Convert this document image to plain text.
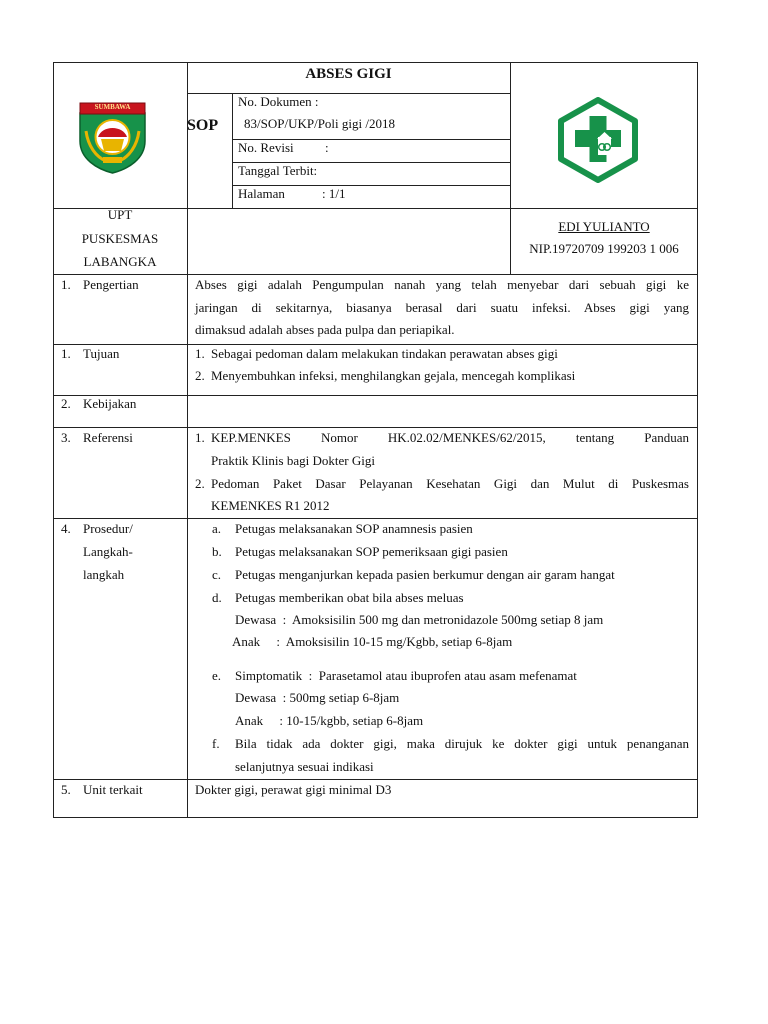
SUMBAWA
ABSES GIGI
SOP
No. Dokumen :
83/SOP/UKP/Poli gigi /2018
No. Revisi :
Tanggal Terbit:
Halaman	: 1/1
UPT
PUSKESMAS
LABANGKA
EDI YULIANTO
NIP.19720709 199203 1 006
1. Pengertian	Abses gigi adalah Pengumpulan nanah yang telah menyebar dari sebuah gigi ke
jaringan di sekitarnya, biasanya berasal dari suatu infeksi. Abses gigi yang
dimaksud adalah abses pada pulpa dan periapikal.
1. Tujuan	1. Sebagai pedoman dalam melakukan tindakan perawatan abses gigi
2. Menyembuhkan infeksi, menghilangkan gejala, mencegah komplikasi
2. Kebijakan
3. Referensi	1. KEP.MENKES Nomor HK.02.02/MENKES/62/2015, tentang Panduan
Praktik Klinis bagi Dokter Gigi
2. Pedoman Paket Dasar Pelayanan Kesehatan Gigi dan Mulut di Puskesmas
KEMENKES R1 2012
4. Prosedur/
Langkah-
langkah
a. Petugas melaksanakan SOP anamnesis pasien
b. Petugas melaksanakan SOP pemeriksaan gigi pasien
c. Petugas menganjurkan kepada pasien berkumur dengan air garam hangat
d. Petugas memberikan obat bila abses meluas
Dewasa  :  Amoksisilin 500 mg dan metronidazole 500mg setiap 8 jam
Anak     :  Amoksisilin 10-15 mg/Kgbb, setiap 6-8jam
e. Simptomatik  :  Parasetamol atau ibuprofen atau asam mefenamat
Dewasa  : 500mg setiap 6-8jam
Anak     : 10-15/kgbb, setiap 6-8jam
f. Bila tidak ada dokter gigi, maka dirujuk ke dokter gigi untuk penanganan
selanjutnya sesuai indikasi
5. Unit terkait	Dokter gigi, perawat gigi minimal D3
